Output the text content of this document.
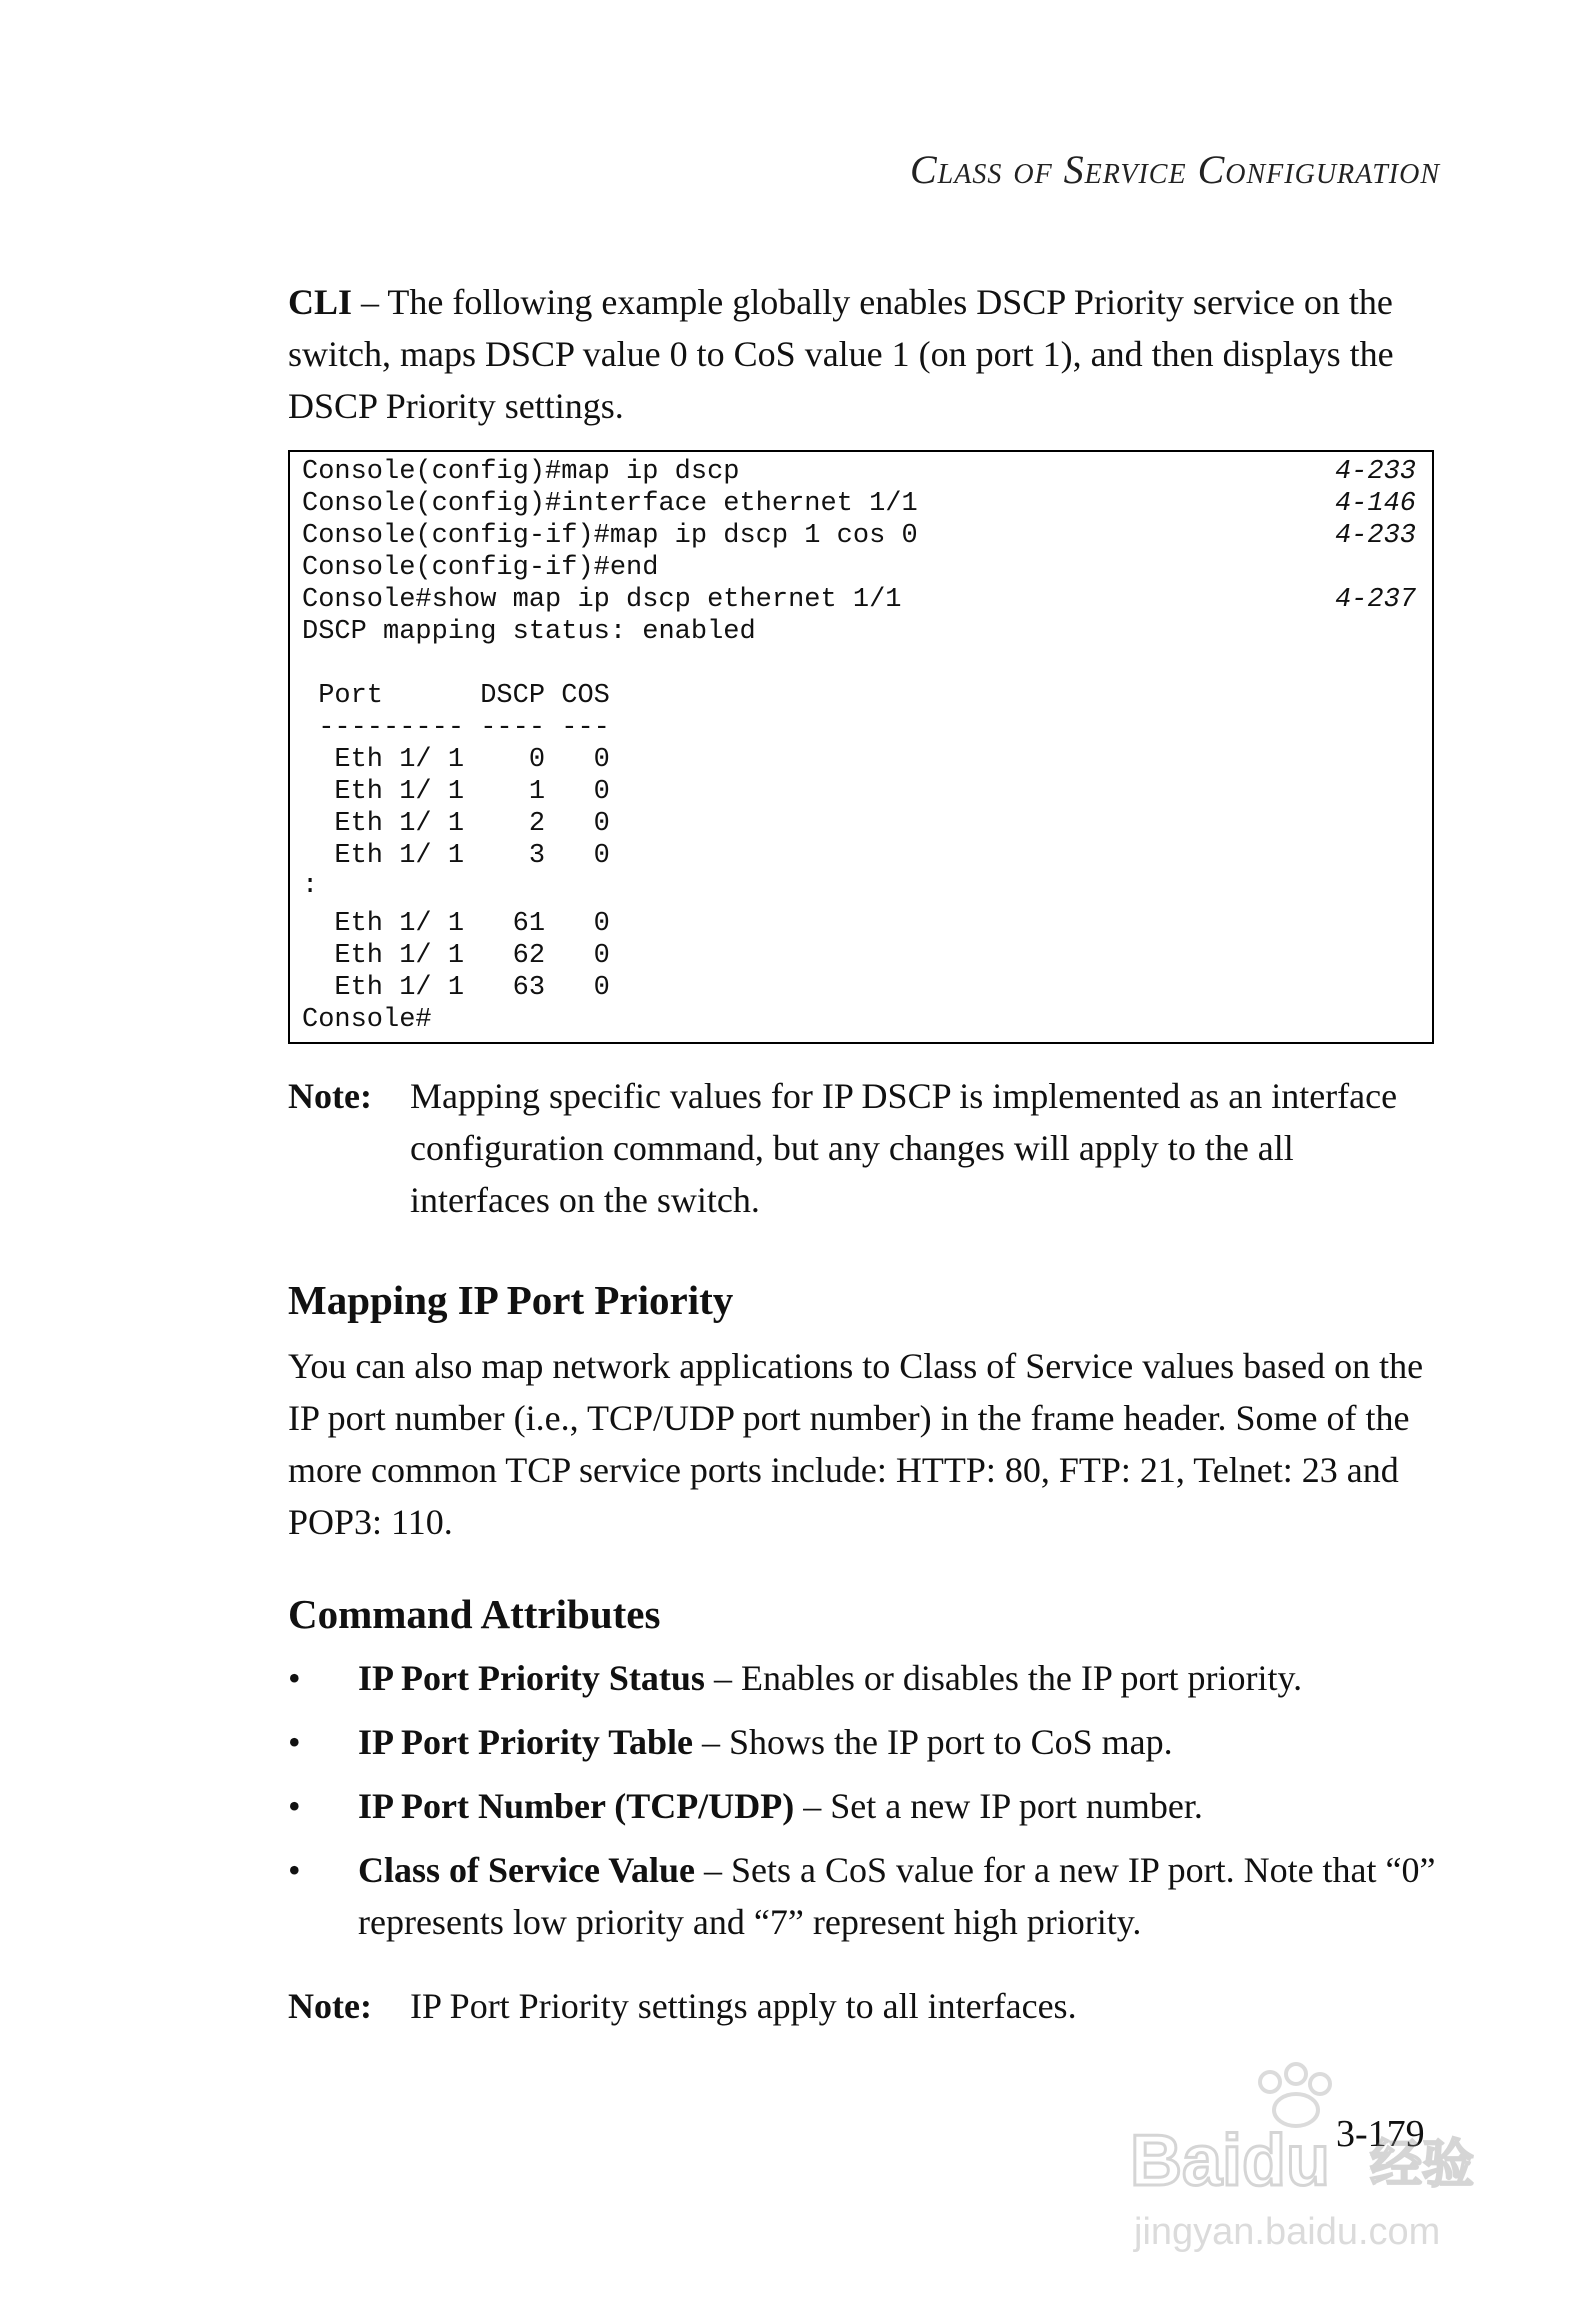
Class of Service Configuration
CLI – The following example globally enables DSCP Priority service on the switch, maps DSCP value 0 to CoS value 1 (on port 1), and then displays the DSCP Priority settings.
Console(config)#map ip dscp	4-233
Console(config)#interface ethernet 1/1	4-146
Console(config-if)#map ip dscp 1 cos 0	4-233
Console(config-if)#end
Console#show map ip dscp ethernet 1/1	4-237
DSCP mapping status: enabled
Port      DSCP COS
--------- ---- ---
Eth 1/ 1    0   0
Eth 1/ 1    1   0
Eth 1/ 1    2   0
Eth 1/ 1    3   0
:
Eth 1/ 1   61   0
Eth 1/ 1   62   0
Eth 1/ 1   63   0
Console#
Note: Mapping specific values for IP DSCP is implemented as an interface configuration command, but any changes will apply to the all interfaces on the switch.
Mapping IP Port Priority
You can also map network applications to Class of Service values based on the IP port number (i.e., TCP/UDP port number) in the frame header. Some of the more common TCP service ports include: HTTP: 80, FTP: 21, Telnet: 23 and POP3: 110.
Command Attributes
• IP Port Priority Status – Enables or disables the IP port priority.
• IP Port Priority Table – Shows the IP port to CoS map.
• IP Port Number (TCP/UDP) – Set a new IP port number.
• Class of Service Value – Sets a CoS value for a new IP port. Note that “0” represents low priority and “7” represent high priority.
Note: IP Port Priority settings apply to all interfaces.
3-179
Baidu 经验
jingyan.baidu.com
